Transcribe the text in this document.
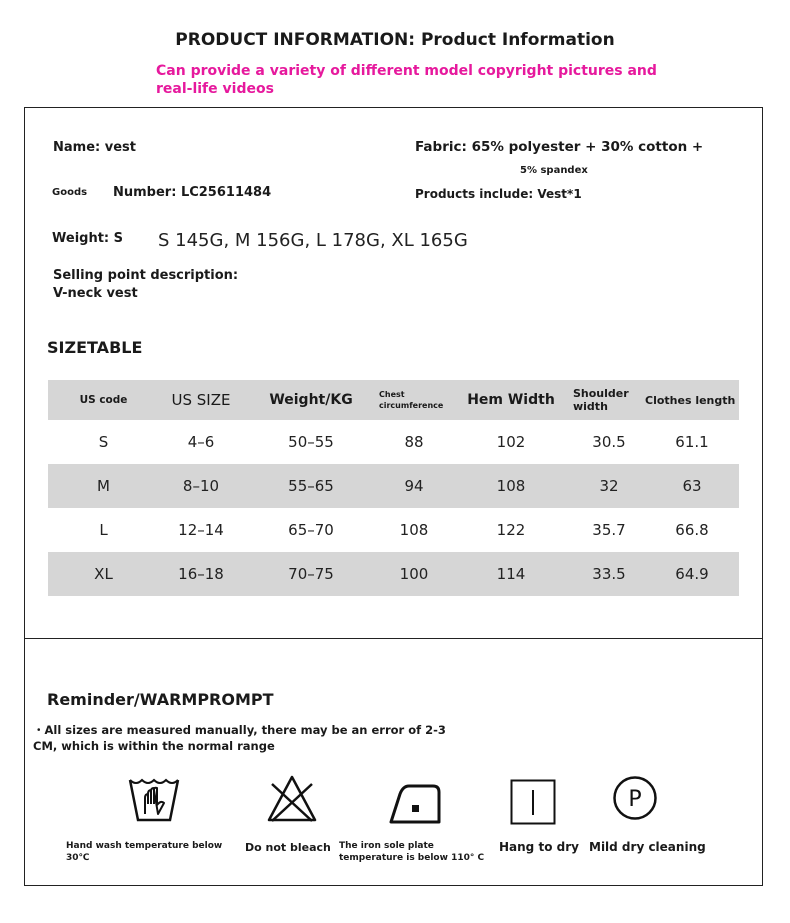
PRODUCT INFORMATION: Product Information
Can provide a variety of different model copyright pictures and real-life videos
Name: vest
Goods Number: LC25611484
Weight: S S 145G, M 156G, L 178G, XL 165G
Selling point description:
V-neck vest
Fabric: 65% polyester + 30% cotton +
5% spandex
Products include: Vest*1
SIZETABLE
US code	US SIZE	Weight/KG	Chest circumference	Hem Width	Shoulder width	Clothes length
S	4–6	50–55	88	102	30.5	61.1
M	8–10	55–65	94	108	32	63
L	12–14	65–70	108	122	35.7	66.8
XL	16–18	70–75	100	114	33.5	64.9
Reminder/WARMPROMPT
・All sizes are measured manually, there may be an error of 2-3 CM, which is within the normal range
P
Hand wash temperature below 30℃
Do not bleach The iron sole plate temperature is below 110° C
Hang to dry Mild dry cleaning
